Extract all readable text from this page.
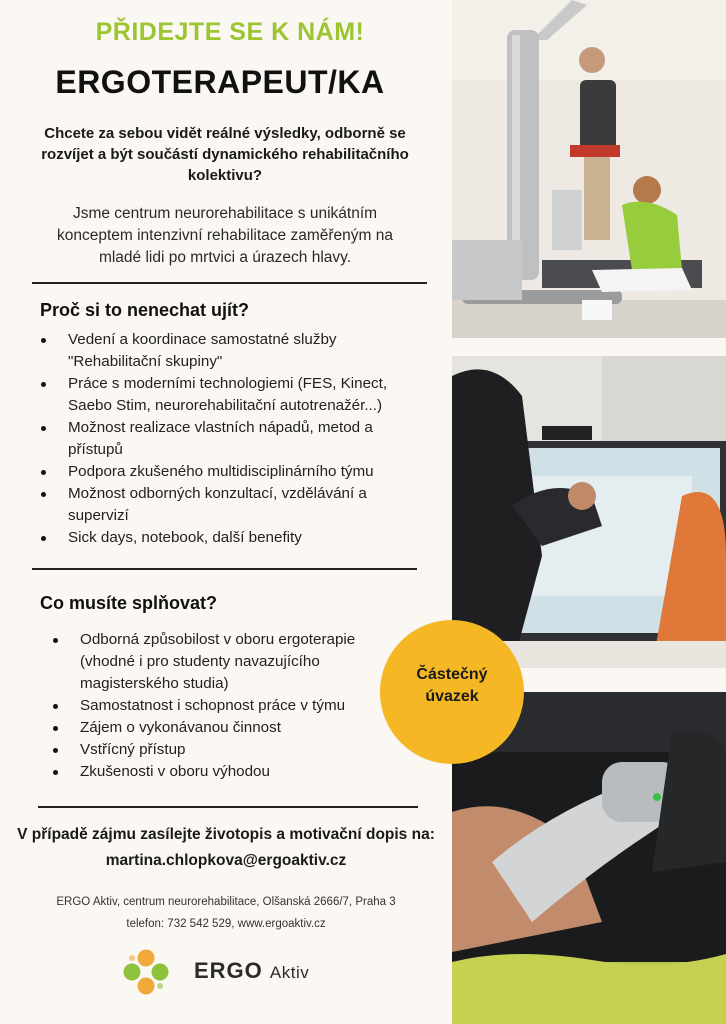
PŘIDEJTE SE K NÁM!
ERGOTERAPEUT/KA
Chcete za sebou vidět reálné výsledky, odborně se
rozvíjet a být součástí dynamického rehabilitačního
kolektivu?
Jsme centrum neurorehabilitace s unikátním
konceptem intenzivní rehabilitace zaměřeným na
mladé lidi po mrtvici a úrazech hlavy.
Proč si to nenechat ujít?
Vedení a koordinace samostatné služby
"Rehabilitační skupiny"
Práce s moderními technologiemi (FES, Kinect,
Saebo Stim, neurorehabilitační autotrenažér...)
Možnost realizace vlastních nápadů, metod a
přístupů
Podpora zkušeného multidisciplinárního týmu
Možnost odborných konzultací, vzdělávání a
supervizí
Sick days, notebook, další benefity
Co musíte splňovat?
Odborná způsobilost v oboru ergoterapie
(vhodné i pro studenty navazujícího
magisterského studia)
Samostatnost i schopnost práce v týmu
Zájem o vykonávanou činnost
Vstřícný přístup
Zkušenosti v oboru výhodou
V případě zájmu zasílejte životopis a motivační dopis na:
martina.chlopkova@ergoaktiv.cz
ERGO Aktiv, centrum neurorehabilitace, Olšanská 2666/7, Praha 3
telefon: 732 542 529, www.ergoaktiv.cz
ERGO Aktiv
Částečný
úvazek
